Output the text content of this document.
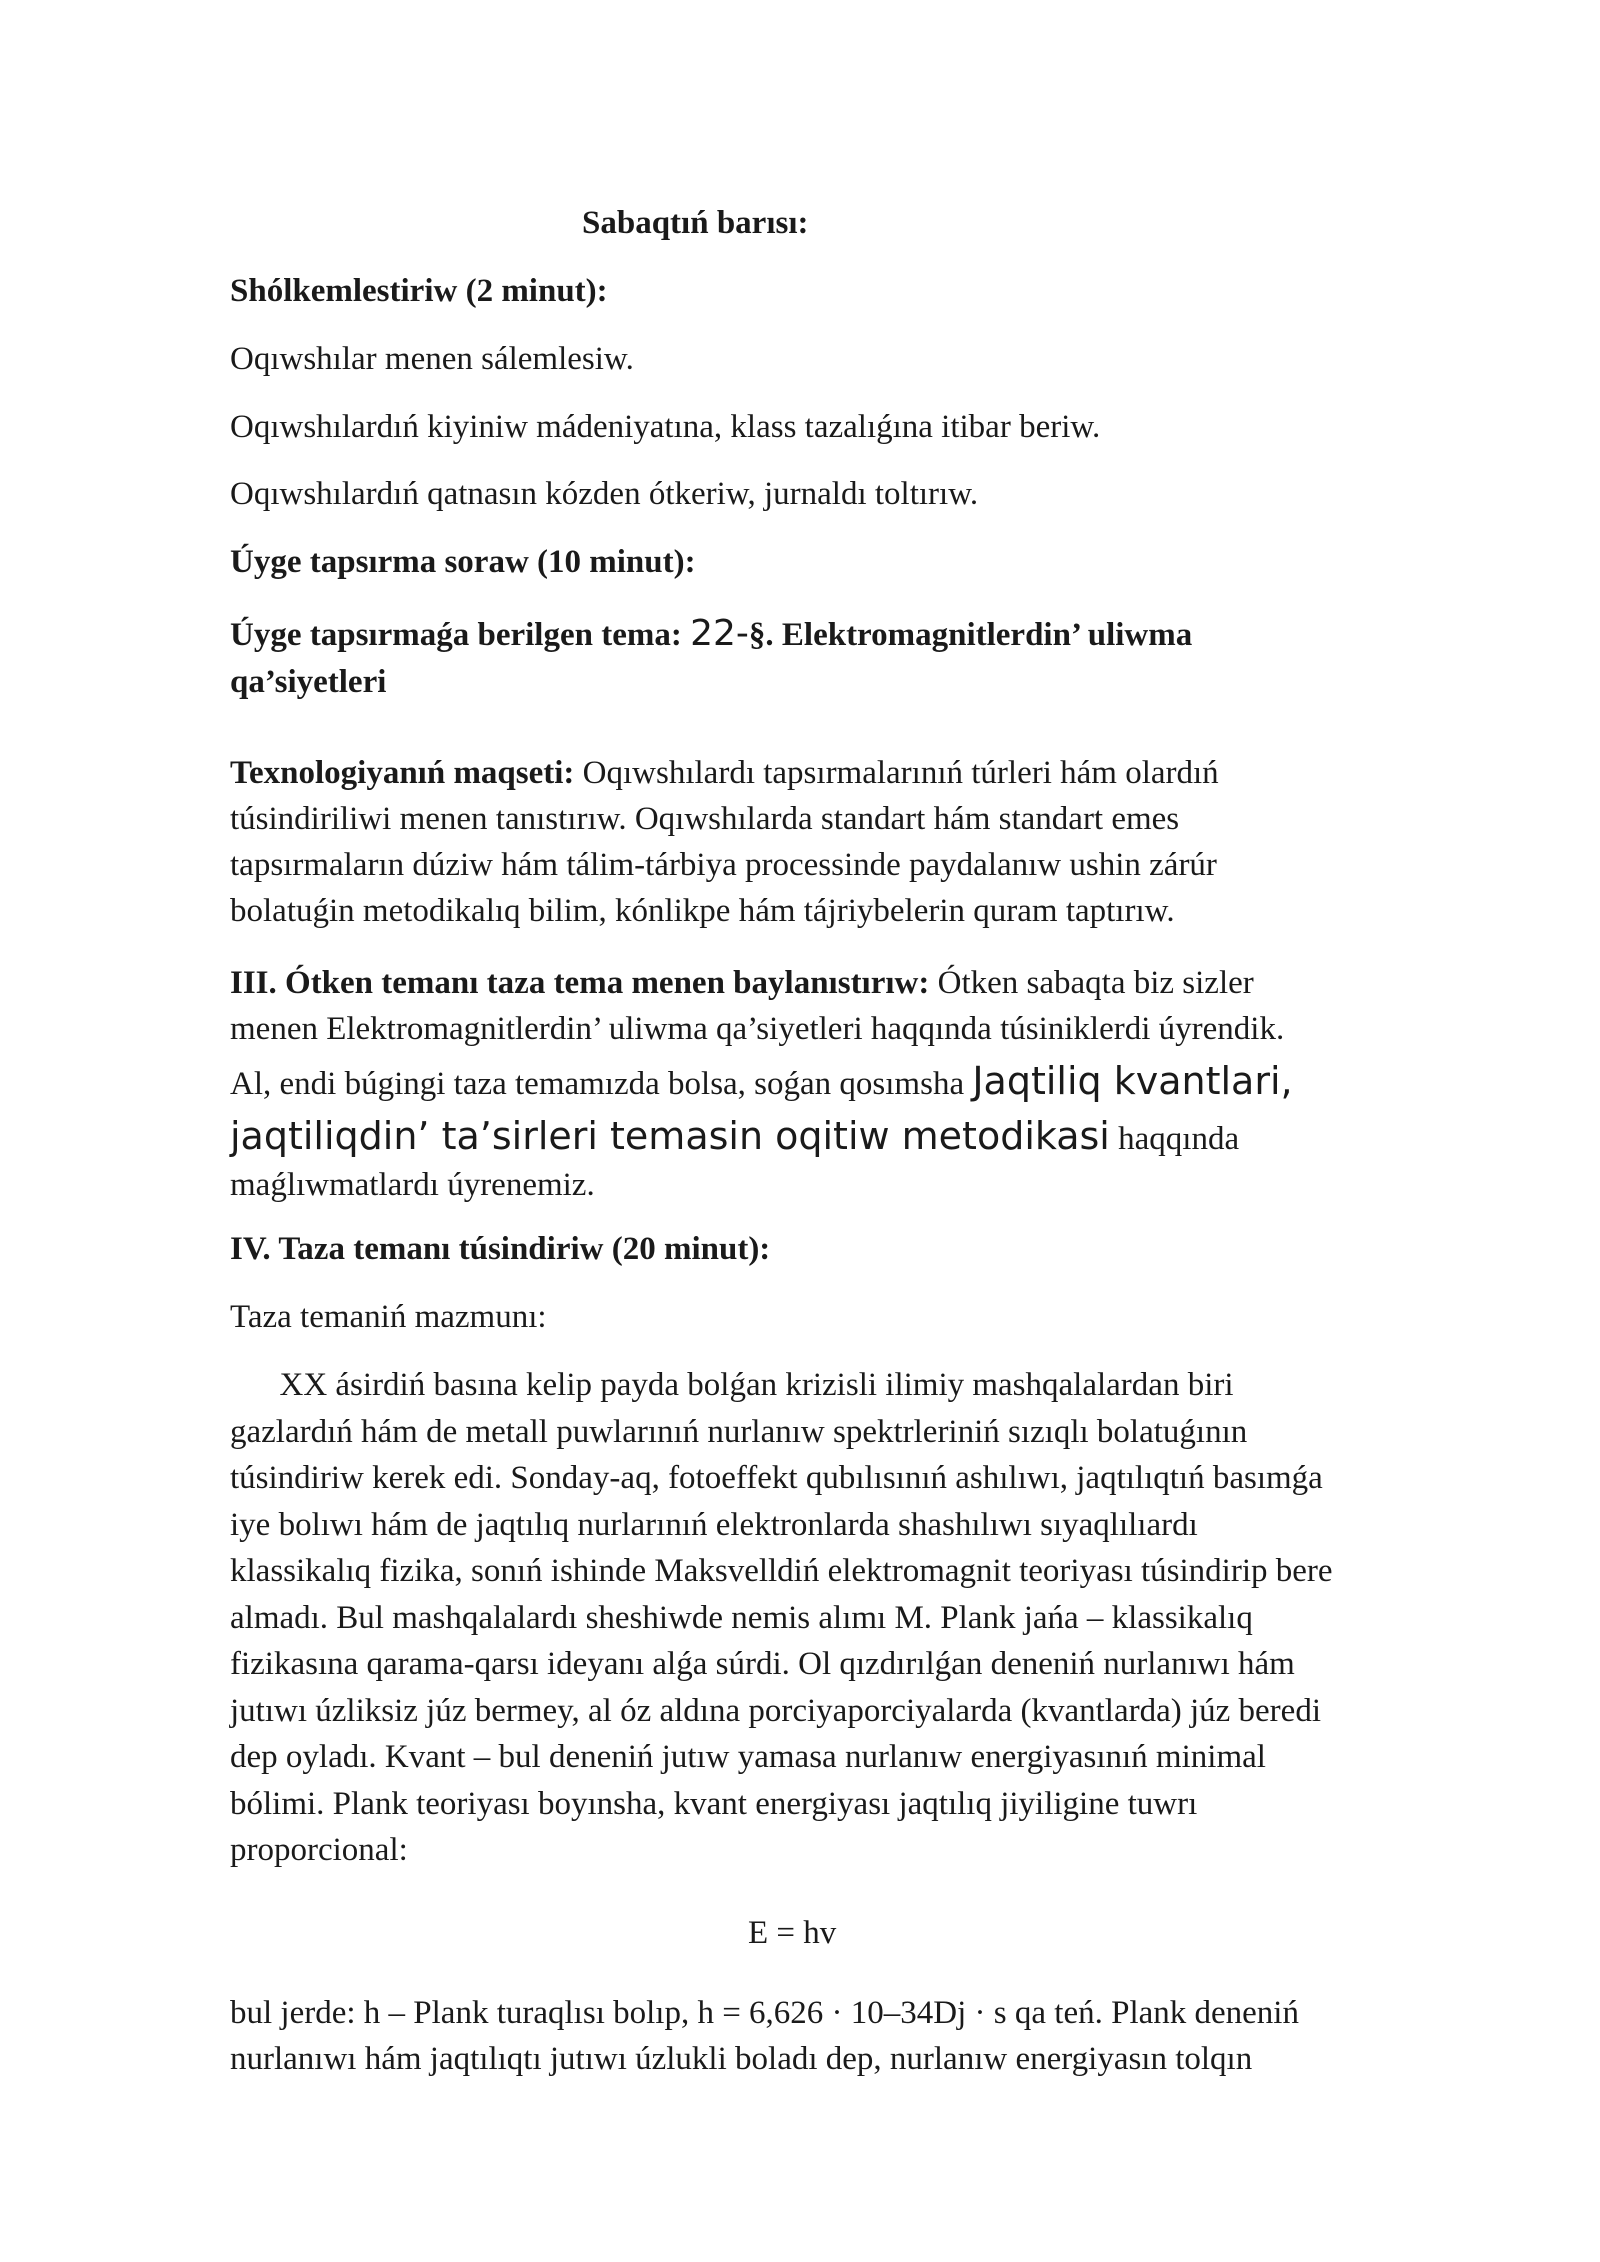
Sabaqtıń barısı:
Shólkemlestiriw (2 minut):
Oqıwshılar menen sálemlesiw.
Oqıwshılardıń kiyiniw mádeniyatına, klass tazalıǵına itibar beriw.
Oqıwshılardıń qatnasın kózden ótkeriw, jurnaldı toltırıw.
Úyge tapsırma soraw (10 minut):
Úyge tapsırmaǵa berilgen tema: 22-§. Elektromagnitlerdin’ uliwma
qa’siyetleri
Texnologiyanıń maqseti: Oqıwshılardı tapsırmalarınıń túrleri hám olardıń
túsindiriliwi menen tanıstırıw. Oqıwshılarda standart hám standart emes
tapsırmaların dúziw hám tálim-tárbiya processinde paydalanıw ushin zárúr
bolatuǵin metodikalıq bilim, kónlikpe hám tájriybelerin quram taptırıw.
III. Ótken temanı taza tema menen baylanıstırıw: Ótken sabaqta biz sizler
menen Elektromagnitlerdin’ uliwma qa’siyetleri haqqında túsiniklerdi úyrendik.
Al, endi búgingi taza temamızda bolsa, soǵan qosımsha Jaqtiliq kvantlari,
jaqtiliqdin’ ta’sirleri temasin oqitiw metodikasi haqqında
maǵlıwmatlardı úyrenemiz.
IV. Taza temanı túsindiriw (20 minut):
Taza temaniń mazmunı:
XX ásirdiń basına kelip payda bolǵan krizisli ilimiy mashqalalardan biri
gazlardıń hám de metall puwlarınıń nurlanıw spektrleriniń sızıqlı bolatuǵının
túsindiriw kerek edi. Sonday-aq, fotoeffekt qubılısınıń ashılıwı, jaqtılıqtıń basımǵa
iye bolıwı hám de jaqtılıq nurlarınıń elektronlarda shashılıwı sıyaqlılıardı
klassikalıq fizika, sonıń ishinde Maksvelldiń elektromagnit teoriyası túsindirip bere
almadı. Bul mashqalalardı sheshiwde nemis alımı M. Plank jańa – klassikalıq
fizikasına qarama-qarsı ideyanı alǵa súrdi. Ol qızdırılǵan deneniń nurlanıwı hám
jutıwı úzliksiz júz bermey, al óz aldına porciyaporciyalarda (kvantlarda) júz beredi
dep oyladı. Kvant – bul deneniń jutıw yamasa nurlanıw energiyasınıń minimal
bólimi. Plank teoriyası boyınsha, kvant energiyası jaqtılıq jiyiligine tuwrı
proporcional:
E = hv
bul jerde: h – Plank turaqlısı bolıp, h = 6,626 · 10–34Dj · s qa teń. Plank deneniń
nurlanıwı hám jaqtılıqtı jutıwı úzlukli boladı dep, nurlanıw energiyasın tolqın
